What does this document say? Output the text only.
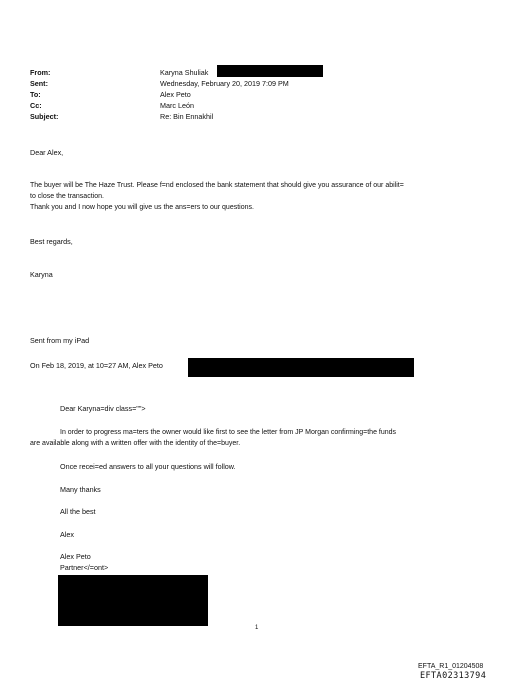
From:
Sent:
To:
Cc:
Subject:
Karyna Shuliak
Wednesday, February 20, 2019 7:09 PM
Alex Peto
Marc León
Re: Bin Ennakhil
Dear Alex,
The buyer will be The Haze Trust. Please f=nd enclosed the bank statement that should give you assurance of our abilit=
to close the transaction.
Thank you and I now hope you will give us the ans=ers to our questions.
Best regards,
Karyna
Sent from my iPad
On Feb 18, 2019, at 10=27 AM, Alex Peto
Dear Karyna=div class="">
In order to progress ma=ters the owner would like first to see the letter from JP Morgan confirming=the funds
are available along with a written offer with the identity of the=buyer.
Once recei=ed answers to all your questions will follow.
Many thanks
All the best
Alex
Alex Peto
Partner</=ont>
1
EFTA_R1_01204508
EFTA02313794
